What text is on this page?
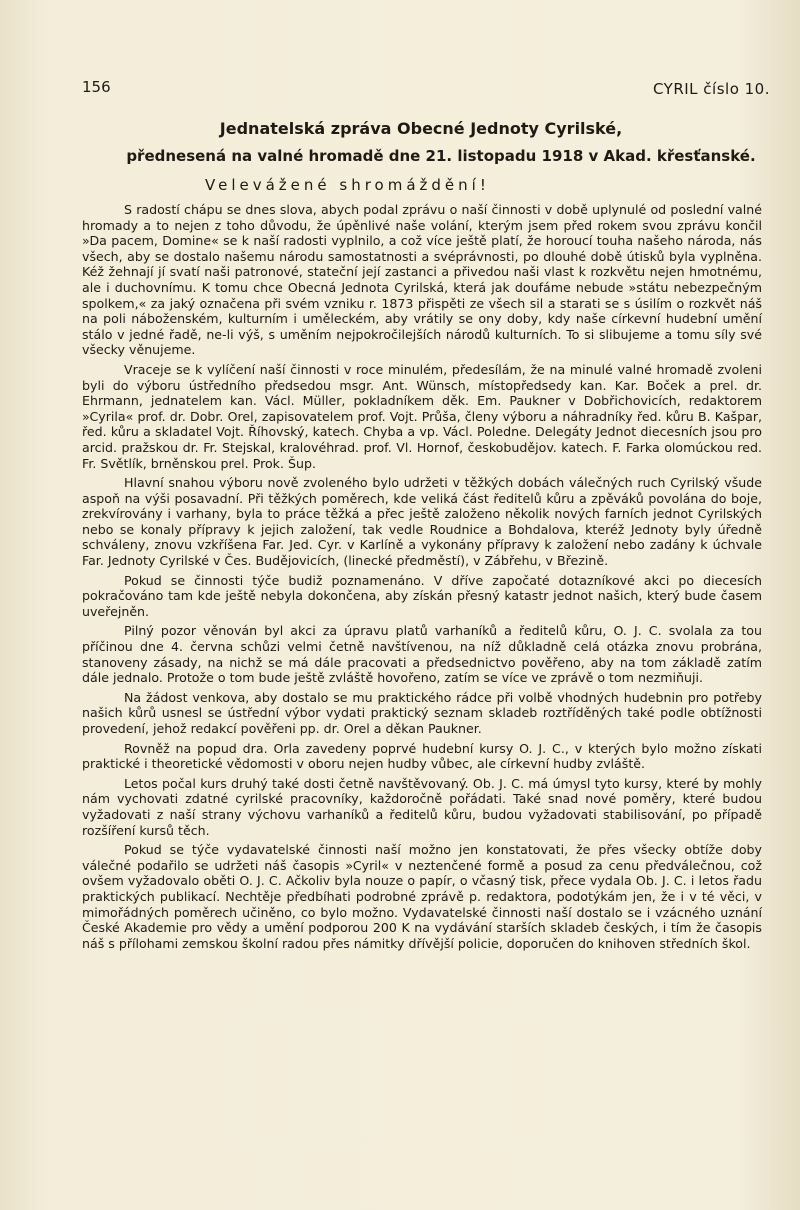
156	CYRIL číslo 10.

Jednatelská zpráva Obecné Jednoty Cyrilské,

přednesená na valné hromadě dne 21. listopadu 1918 v Akad. křesťanské.

Velevážené shromáždění!

S radostí chápu se dnes slova, abych podal zprávu o naší činnosti v době uplynulé od poslední valné hromady a to nejen z toho důvodu, že úpěnlivé naše volání, kterým jsem před rokem svou zprávu končil »Da pacem, Domine« se k naší radosti vyplnilo, a což více ještě platí, že horoucí touha našeho národa, nás všech, aby se dostalo našemu národu samostatnosti a svéprávnosti, po dlouhé době útisků byla vyplněna. Kéž žehnají jí svatí naši patronové, stateční její zastanci a přivedou naši vlast k rozkvětu nejen hmotnému, ale i duchovnímu. K tomu chce Obecná Jednota Cyrilská, která jak doufáme nebude »státu nebezpečným spolkem,« za jaký označena při svém vzniku r. 1873 přispěti ze všech sil a starati se s úsilím o rozkvět náš na poli náboženském, kulturním i uměleckém, aby vrátily se ony doby, kdy naše církevní hudební umění stálo v jedné řadě, ne-li výš, s uměním nejpokročilejších národů kulturních. To si slibujeme a tomu síly své všecky věnujeme.

Vraceje se k vylíčení naší činnosti v roce minulém, předesílám, že na minulé valné hromadě zvoleni byli do výboru ústředního předsedou msgr. Ant. Wünsch, místopředsedy kan. Kar. Boček a prel. dr. Ehrmann, jednatelem kan. Václ. Müller, pokladníkem děk. Em. Paukner v Dobřichovicích, redaktorem »Cyrila« prof. dr. Dobr. Orel, zapisovatelem prof. Vojt. Průša, členy výboru a náhradníky řed. kůru B. Kašpar, řed. kůru a skladatel Vojt. Říhovský, katech. Chyba a vp. Václ. Poledne. Delegáty Jednot diecesních jsou pro arcid. pražskou dr. Fr. Stejskal, kralovéhrad. prof. Vl. Hornof, českobudějov. katech. F. Farka olomúckou red. Fr. Světlík, brněnskou prel. Prok. Šup.

Hlavní snahou výboru nově zvoleného bylo udržeti v těžkých dobách válečných ruch Cyrilský všude aspoň na výši posavadní. Při těžkých poměrech, kde veliká část ředitelů kůru a zpěváků povolána do boje, zrekvírovány i varhany, byla to práce těžká a přec ještě založeno několik nových farních jednot Cyrilských nebo se konaly přípravy k jejich založení, tak vedle Roudnice a Bohdalova, kteréž Jednoty byly úředně schváleny, znovu vzkříšena Far. Jed. Cyr. v Karlíně a vykonány přípravy k založení nebo zadány k úchvale Far. Jednoty Cyrilské v Čes. Budějovicích, (linecké předměstí), v Zábřehu, v Březině.

Pokud se činnosti týče budiž poznamenáno. V dříve započaté dotazníkové akci po diecesích pokračováno tam kde ještě nebyla dokončena, aby získán přesný katastr jednot našich, který bude časem uveřejněn.

Pilný pozor věnován byl akci za úpravu platů varhaníků a ředitelů kůru, O. J. C. svolala za tou příčinou dne 4. června schůzi velmi četně navštívenou, na níž důkladně celá otázka znovu probrána, stanoveny zásady, na nichž se má dále pracovati a předsednictvo pověřeno, aby na tom základě zatím dále jednalo. Protože o tom bude ještě zvláště hovořeno, zatím se více ve zprávě o tom nezmiňuji.

Na žádost venkova, aby dostalo se mu praktického rádce při volbě vhodných hudebnin pro potřeby našich kůrů usnesl se ústřední výbor vydati praktický seznam skladeb roztříděných také podle obtížnosti provedení, jehož redakcí pověřeni pp. dr. Orel a děkan Paukner.

Rovněž na popud dra. Orla zavedeny poprvé hudební kursy O. J. C., v kterých bylo možno získati praktické i theoretické vědomosti v oboru nejen hudby vůbec, ale církevní hudby zvláště.

Letos počal kurs druhý také dosti četně navštěvovaný. Ob. J. C. má úmysl tyto kursy, které by mohly nám vychovati zdatné cyrilské pracovníky, každoročně pořádati. Také snad nové poměry, které budou vyžadovati z naší strany výchovu varhaníků a ředitelů kůru, budou vyžadovati stabilisování, po případě rozšíření kursů těch.

Pokud se týče vydavatelské činnosti naší možno jen konstatovati, že přes všecky obtíže doby válečné podařilo se udržeti náš časopis »Cyril« v neztenčené formě a posud za cenu předválečnou, což ovšem vyžadovalo oběti O. J. C. Ačkoliv byla nouze o papír, o včasný tisk, přece vydala Ob. J. C. i letos řadu praktických publikací. Nechtěje předbíhati podrobné zprávě p. redaktora, podotýkám jen, že i v té věci, v mimořádných poměrech učiněno, co bylo možno. Vydavatelské činnosti naší dostalo se i vzácného uznání České Akademie pro vědy a umění podporou 200 K na vydávání starších skladeb českých, i tím že časopis náš s přílohami zemskou školní radou přes námitky dřívější policie, doporučen do knihoven středních škol.
